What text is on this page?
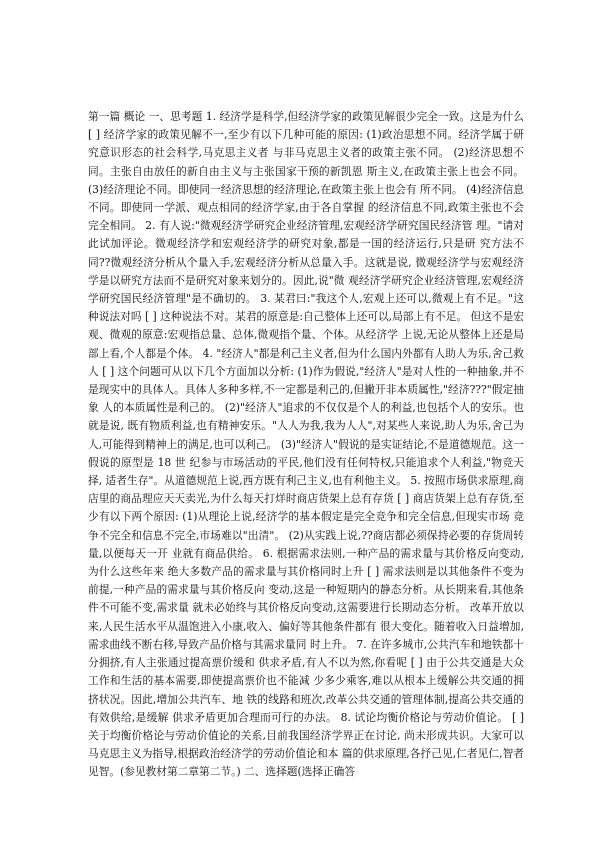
第一篇 概论 一、思考题 1. 经济学是科学,但经济学家的政策见解很少完全一致。这是为什么 [ ] 经济学家的政策见解不一,至少有以下几种可能的原因: (1)政治思想不同。经济学属于研究意识形态的社会科学,马克思主义者 与非马克思主义者的政策主张不同。 (2)经济思想不同。主张自由放任的新自由主义与主张国家干预的新凯恩 斯主义,在政策主张上也会不同。 (3)经济理论不同。即使同一经济思想的经济理论,在政策主张上也会有 所不同。 (4)经济信息不同。即使同一学派、观点相同的经济学家,由于各自掌握 的经济信息不同,政策主张也不会完全相同。 2. 有人说:"微观经济学研究企业经济管理,宏观经济学研究国民经济管 理。"请对此试加评论。微观经济学和宏观经济学的研究对象,都是一国的经济运行,只是研 究方法不同??微观经济分析从个量入手,宏观经济分析从总量入手。这就是说, 微观经济学与宏观经济学是以研究方法而不是研究对象来划分的。因此,说"微 观经济学研究企业经济管理,宏观经济学研究国民经济管理"是不确切的。 3. 某君曰:"我这个人,宏观上还可以,微观上有不足。"这种说法对吗 [ ] 这种说法不对。某君的原意是:自己整体上还可以,局部上有不足。 但这不是宏观、微观的原意:宏观指总量、总体,微观指个量、个体。从经济学 上说,无论从整体上还是局部上看,个人都是个体。 4. "经济人"都是利己主义者,但为什么国内外都有人助人为乐,舍己救 人 [ ] 这个问题可从以下几个方面加以分析: (1)作为假说,"经济人"是对人性的一种抽象,并不是现实中的具体人。具体人多种多样,不一定都是利己的,但撇开非本质属性,"经济???"假定抽象 人的本质属性是利己的。 (2)"经济人"追求的不仅仅是个人的利益,也包括个人的安乐。也就是说, 既有物质利益,也有精神安乐。"人人为我,我为人人",对某些人来说,助人为乐,舍己为人,可能得到精神上的满足,也可以利己。 (3)"经济人"假说的是实证结论,不是道德规范。这一假说的原型是 18 世 纪参与市场活动的平民,他们没有任何特权,只能追求个人利益,"物竞天择, 适者生存"。从道德规范上说,西方既有利己主义,也有利他主义。 5. 按照市场供求原理,商店里的商品理应天天卖光,为什么每天打烊时商店货架上总有存货 [ ] 商店货架上总有存货,至少有以下两个原因: (1)从理论上说,经济学的基本假定是完全竞争和完全信息,但现实市场 竞争不完全和信息不完全,市场难以"出清"。 (2)从实践上说,??商店都必须保持必要的存货周转量,以便每天一开 业就有商品供给。 6. 根据需求法则,一种产品的需求量与其价格反向变动,为什么这些年来 绝大多数产品的需求量与其价格同时上升 [ ] 需求法则是以其他条件不变为前提,一种产品的需求量与其价格反向 变动,这是一种短期内的静态分析。从长期来看,其他条件不可能不变,需求量 就未必始终与其价格反向变动,这需要进行长期动态分析。 改革开放以来,人民生活水平从温饱进入小康,收入、偏好等其他条件都有 很大变化。随着收入日益增加,需求曲线不断右移,导致产品价格与其需求量同 时上升。 7. 在许多城市,公共汽车和地铁都十分拥挤,有人主张通过提高票价缓和 供求矛盾,有人不以为然,你看呢 [ ] 由于公共交通是大众工作和生活的基本需要,即使提高票价也不能减 少多少乘客,难以从根本上缓解公共交通的拥挤状况。因此,增加公共汽车、地 铁的线路和班次,改革公共交通的管理体制,提高公共交通的有效供给,是缓解 供求矛盾更加合理而可行的办法。 8. 试论均衡价格论与劳动价值论。 [ ] 关于均衡价格论与劳动价值论的关系,目前我国经济学界正在讨论, 尚未形成共识。大家可以马克思主义为指导,根据政治经济学的劳动价值论和本 篇的供求原理,各抒己见,仁者见仁,智者见智。(参见教材第二章第二节。) 二、选择题(选择正确答
